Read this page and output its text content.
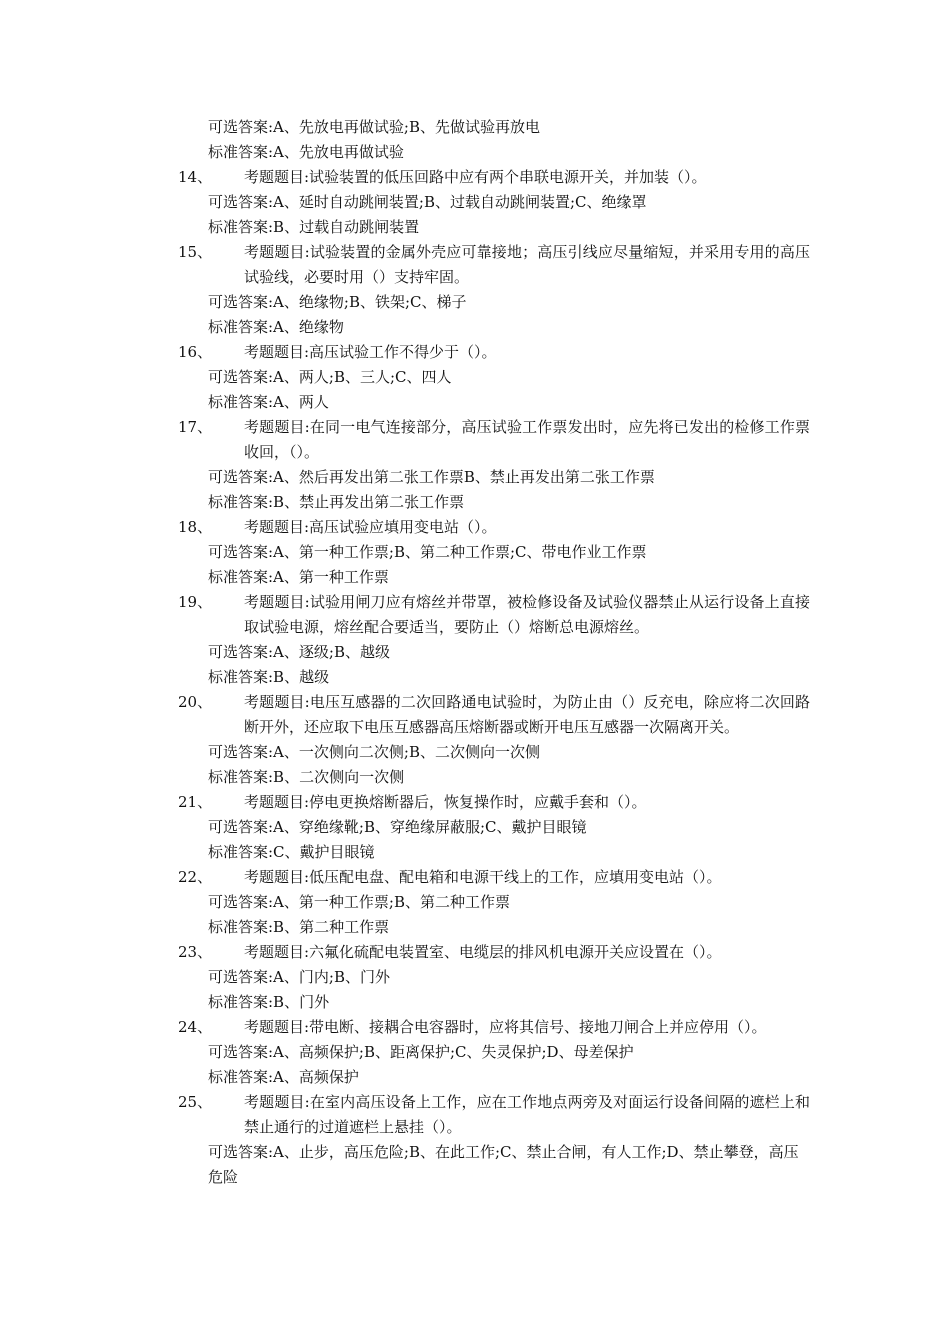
可选答案:A、先放电再做试验;B、先做试验再放电
标准答案:A、先放电再做试验
14、	考题题目:试验装置的低压回路中应有两个串联电源开关，并加装（）。
可选答案:A、延时自动跳闸装置;B、过载自动跳闸装置;C、绝缘罩
标准答案:B、过载自动跳闸装置
15、	考题题目:试验装置的金属外壳应可靠接地；高压引线应尽量缩短，并采用专用的高压试验线，必要时用（）支持牢固。
可选答案:A、绝缘物;B、铁架;C、梯子
标准答案:A、绝缘物
16、	考题题目:高压试验工作不得少于（）。
可选答案:A、两人;B、三人;C、四人
标准答案:A、两人
17、	考题题目:在同一电气连接部分，高压试验工作票发出时，应先将已发出的检修工作票收回，（）。
可选答案:A、然后再发出第二张工作票B、禁止再发出第二张工作票
标准答案:B、禁止再发出第二张工作票
18、	考题题目:高压试验应填用变电站（）。
可选答案:A、第一种工作票;B、第二种工作票;C、带电作业工作票
标准答案:A、第一种工作票
19、	考题题目:试验用闸刀应有熔丝并带罩，被检修设备及试验仪器禁止从运行设备上直接取试验电源，熔丝配合要适当，要防止（）熔断总电源熔丝。
可选答案:A、逐级;B、越级
标准答案:B、越级
20、	考题题目:电压互感器的二次回路通电试验时，为防止由（）反充电，除应将二次回路断开外，还应取下电压互感器高压熔断器或断开电压互感器一次隔离开关。
可选答案:A、一次侧向二次侧;B、二次侧向一次侧
标准答案:B、二次侧向一次侧
21、	考题题目:停电更换熔断器后，恢复操作时，应戴手套和（）。
可选答案:A、穿绝缘靴;B、穿绝缘屏蔽服;C、戴护目眼镜
标准答案:C、戴护目眼镜
22、	考题题目:低压配电盘、配电箱和电源干线上的工作，应填用变电站（）。
可选答案:A、第一种工作票;B、第二种工作票
标准答案:B、第二种工作票
23、	考题题目:六氟化硫配电装置室、电缆层的排风机电源开关应设置在（）。
可选答案:A、门内;B、门外
标准答案:B、门外
24、	考题题目:带电断、接耦合电容器时，应将其信号、接地刀闸合上并应停用（）。
可选答案:A、高频保护;B、距离保护;C、失灵保护;D、母差保护
标准答案:A、高频保护
25、	考题题目:在室内高压设备上工作，应在工作地点两旁及对面运行设备间隔的遮栏上和禁止通行的过道遮栏上悬挂（）。
可选答案:A、止步，高压危险;B、在此工作;C、禁止合闸，有人工作;D、禁止攀登，高压危险
